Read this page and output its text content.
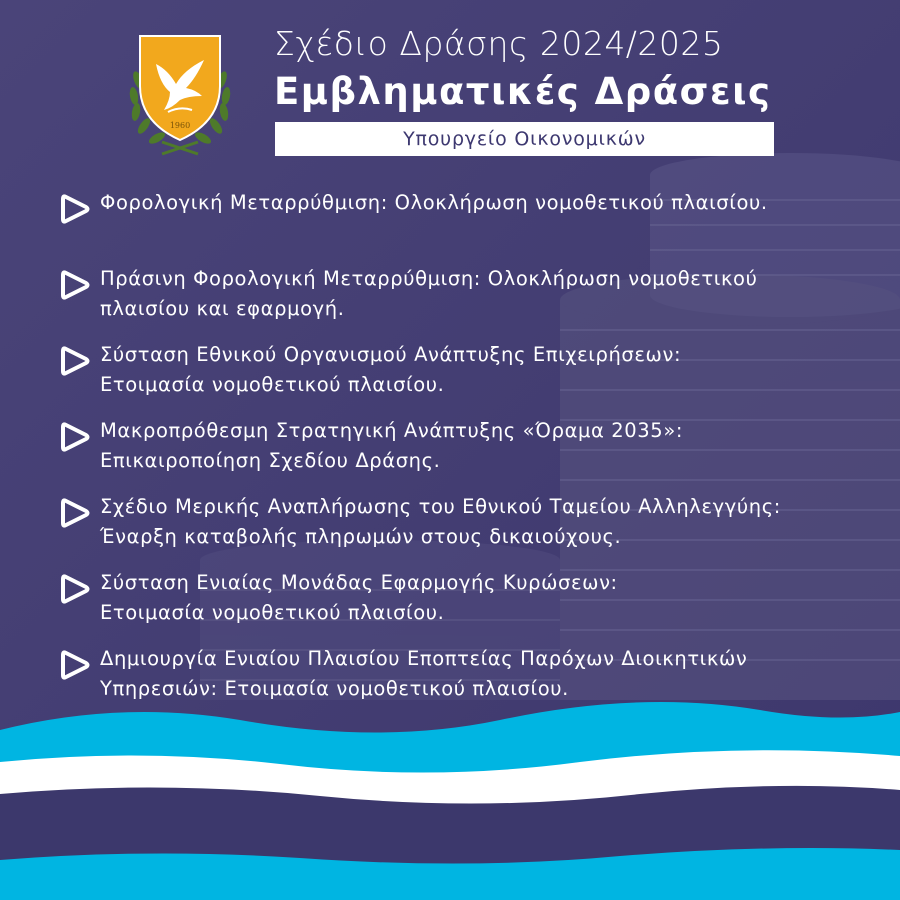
1960
Σχέδιο Δράσης 2024/2025
Εμβληματικές Δράσεις
Υπουργείο Οικονομικών
Φορολογική Μεταρρύθμιση: Ολοκλήρωση νομοθετικού πλαισίου.
Πράσινη Φορολογική Μεταρρύθμιση: Ολοκλήρωση νομοθετικού
πλαισίου και εφαρμογή.
Σύσταση Εθνικού Οργανισμού Ανάπτυξης Επιχειρήσεων:
Ετοιμασία νομοθετικού πλαισίου.
Μακροπρόθεσμη Στρατηγική Ανάπτυξης «Όραμα 2035»:
Επικαιροποίηση Σχεδίου Δράσης.
Σχέδιο Μερικής Αναπλήρωσης του Εθνικού Ταμείου Αλληλεγγύης:
Έναρξη καταβολής πληρωμών στους δικαιούχους.
Σύσταση Ενιαίας Μονάδας Εφαρμογής Κυρώσεων:
Ετοιμασία νομοθετικού πλαισίου.
Δημιουργία Ενιαίου Πλαισίου Εποπτείας Παρόχων Διοικητικών
Υπηρεσιών: Ετοιμασία νομοθετικού πλαισίου.
